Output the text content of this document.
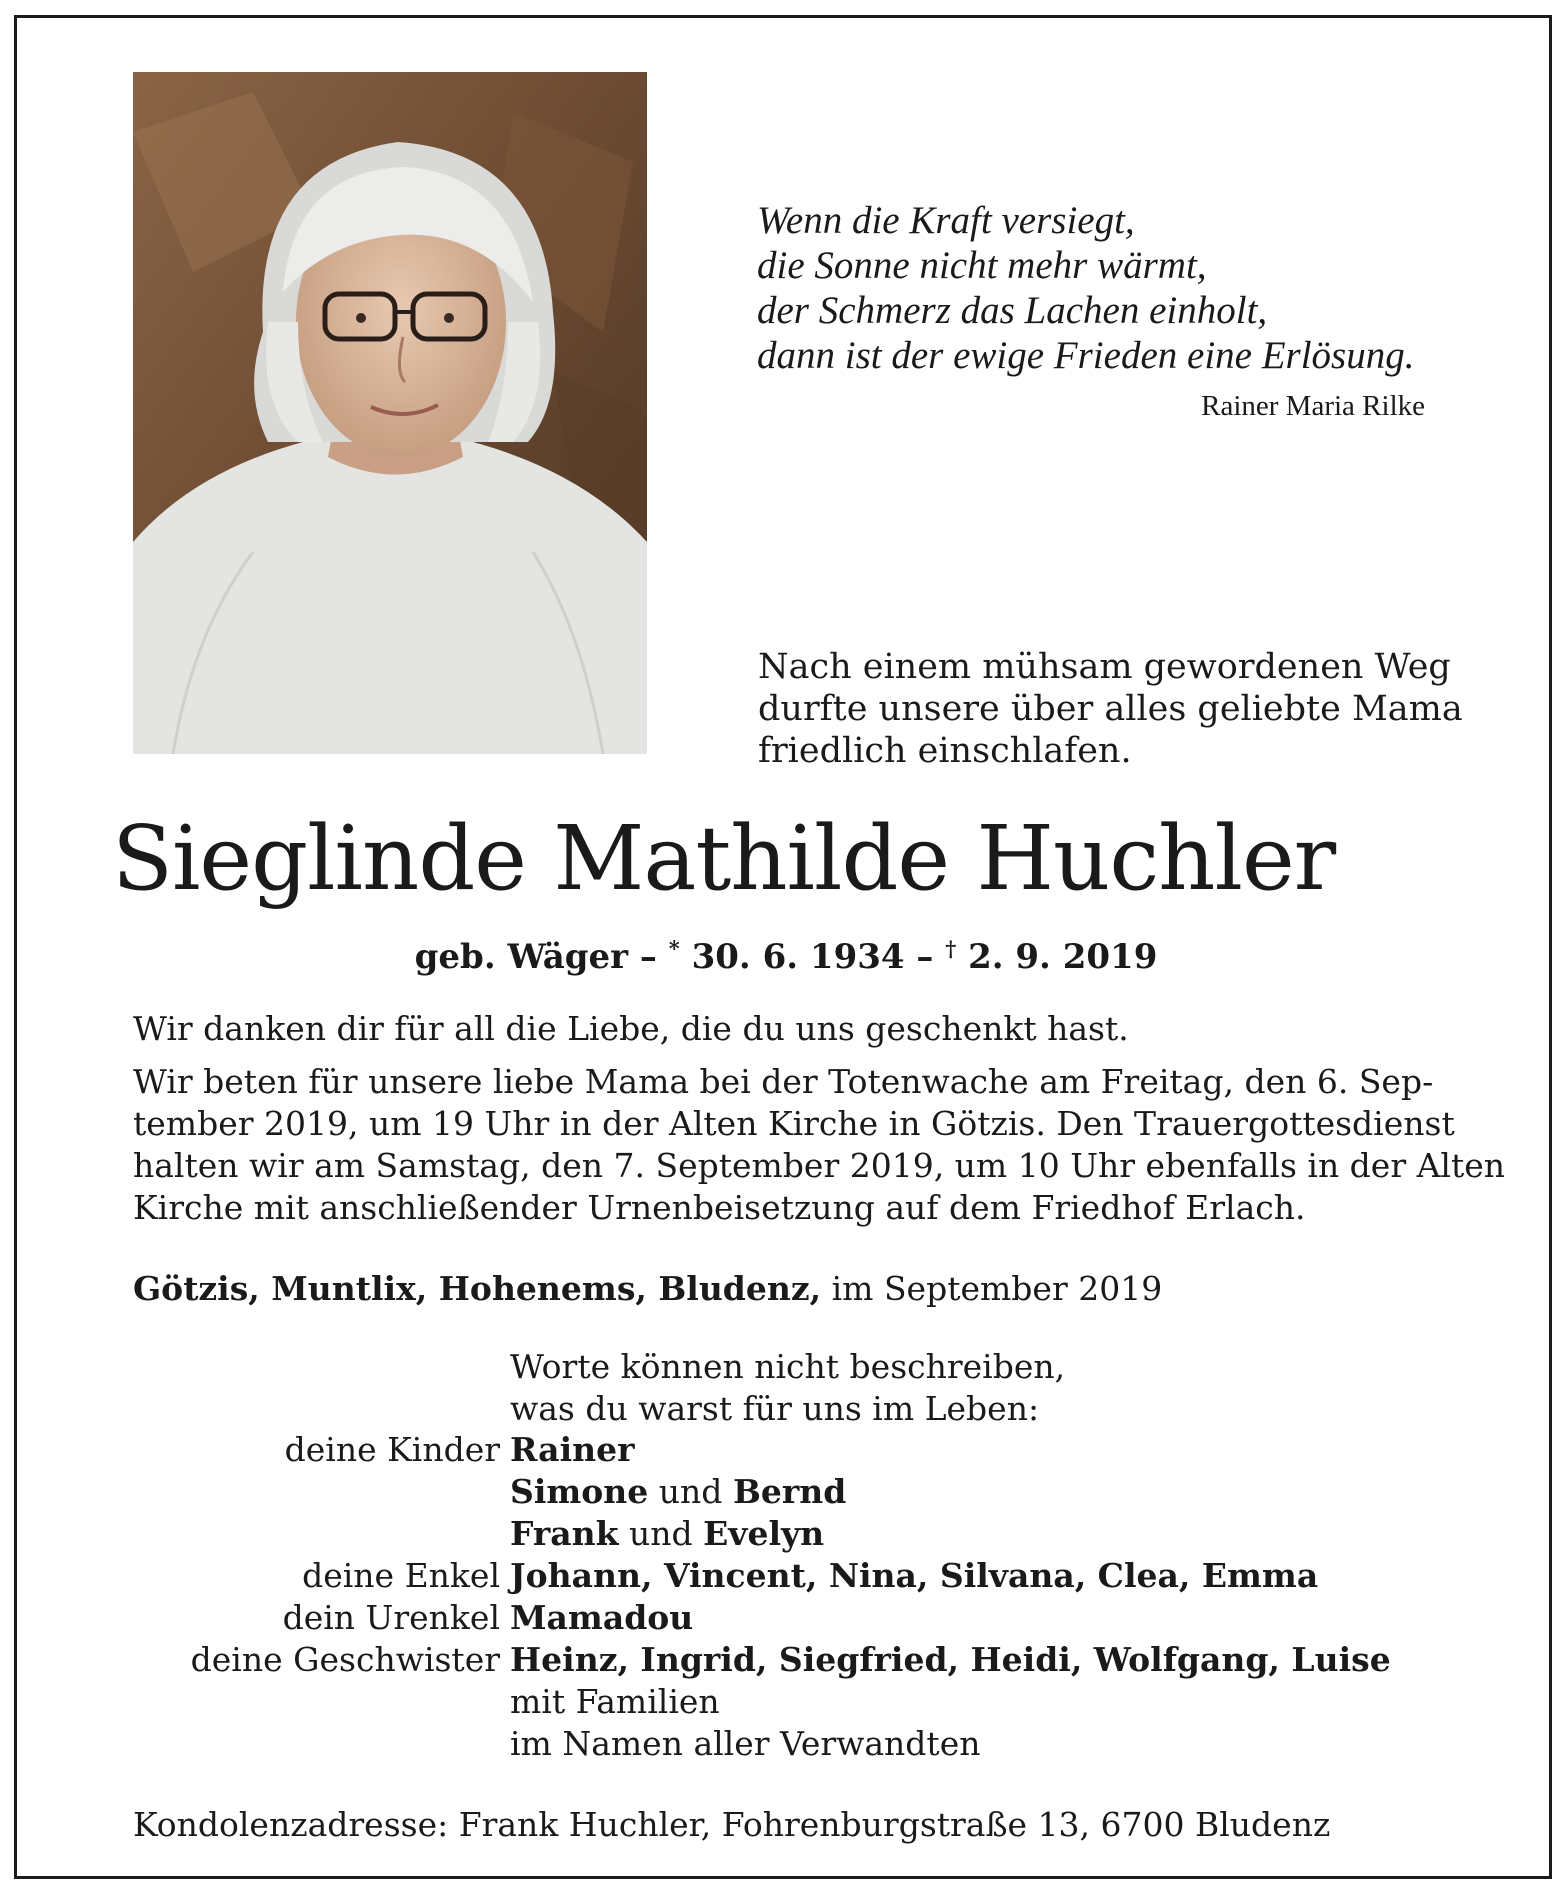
Wenn die Kraft versiegt,
die Sonne nicht mehr wärmt,
der Schmerz das Lachen einholt,
dann ist der ewige Frieden eine Erlösung.
Rainer Maria Rilke
Nach einem mühsam gewordenen Weg
durfte unsere über alles geliebte Mama
friedlich einschlafen.
Sieglinde Mathilde Huchler
geb. Wäger – * 30. 6. 1934 – † 2. 9. 2019
Wir danken dir für all die Liebe, die du uns geschenkt hast.
Wir beten für unsere liebe Mama bei der Totenwache am Freitag, den 6. Sep-
tember 2019, um 19 Uhr in der Alten Kirche in Götzis. Den Trauergottesdienst
halten wir am Samstag, den 7. September 2019, um 10 Uhr ebenfalls in der Alten
Kirche mit anschließender Urnenbeisetzung auf dem Friedhof Erlach.
Götzis, Muntlix, Hohenems, Bludenz, im September 2019
Worte können nicht beschreiben,
was du warst für uns im Leben:
deine Kinder Rainer
Simone und Bernd
Frank und Evelyn
deine Enkel Johann, Vincent, Nina, Silvana, Clea, Emma
dein Urenkel Mamadou
deine Geschwister Heinz, Ingrid, Siegfried, Heidi, Wolfgang, Luise
mit Familien
im Namen aller Verwandten
Kondolenzadresse: Frank Huchler, Fohrenburgstraße 13, 6700 Bludenz
